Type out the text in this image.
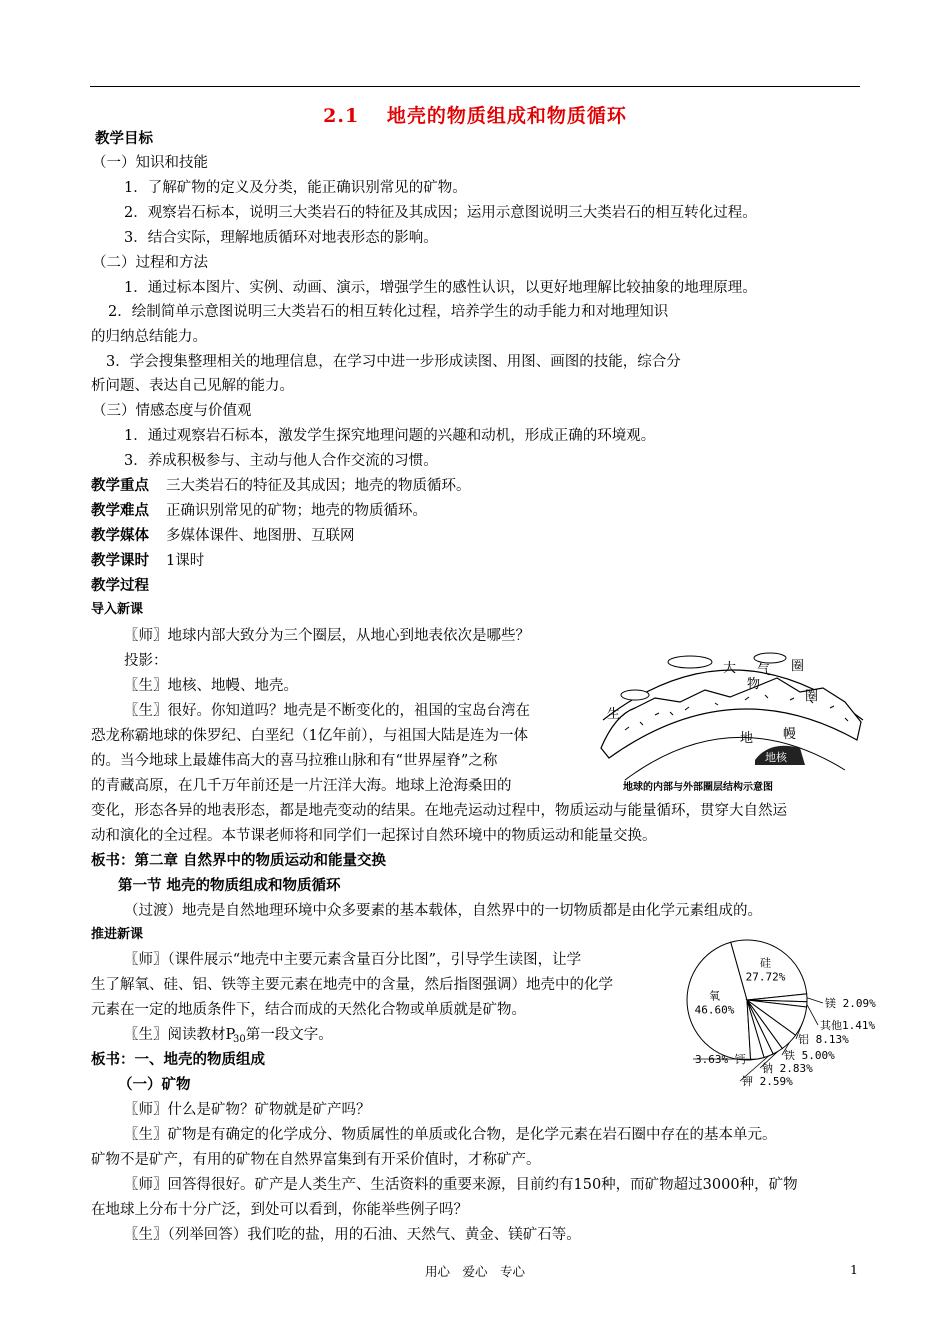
2.1　 地壳的物质组成和物质循环
教学目标
（一）知识和技能
1．了解矿物的定义及分类，能正确识别常见的矿物。
2．观察岩石标本，说明三大类岩石的特征及其成因；运用示意图说明三大类岩石的相互转化过程。
3．结合实际，理解地质循环对地表形态的影响。
（二）过程和方法
1．通过标本图片、实例、动画、演示，增强学生的感性认识，以更好地理解比较抽象的地理原理。
2．绘制简单示意图说明三大类岩石的相互转化过程，培养学生的动手能力和对地理知识
的归纳总结能力。
3．学会搜集整理相关的地理信息，在学习中进一步形成读图、用图、画图的技能，综合分
析问题、表达自己见解的能力。
（三）情感态度与价值观
1．通过观察岩石标本，激发学生探究地理问题的兴趣和动机，形成正确的环境观。
3．养成积极参与、主动与他人合作交流的习惯。
教学重点 三大类岩石的特征及其成因；地壳的物质循环。
教学难点 正确识别常见的矿物；地壳的物质循环。
教学媒体 多媒体课件、地图册、互联网
教学课时 1课时
教学过程
导入新课
〖师〗地球内部大致分为三个圈层，从地心到地表依次是哪些？
投影：
〖生〗地核、地幔、地壳。
〖生〗很好。你知道吗？地壳是不断变化的，祖国的宝岛台湾在
恐龙称霸地球的侏罗纪、白垩纪（1亿年前），与祖国大陆是连为一体
的。当今地球上最雄伟高大的喜马拉雅山脉和有“世界屋脊”之称
的青藏高原，在几千万年前还是一片汪洋大海。地球上沧海桑田的
变化，形态各异的地表形态，都是地壳变动的结果。在地壳运动过程中，物质运动与能量循环，贯穿大自然运
动和演化的全过程。本节课老师将和同学们一起探讨自然环境中的物质运动和能量交换。
板书：第二章 自然界中的物质运动和能量交换
第一节 地壳的物质组成和物质循环
（过渡）地壳是自然地理环境中众多要素的基本载体，自然界中的一切物质都是由化学元素组成的。
推进新课
〖师〗（课件展示“地壳中主要元素含量百分比图”，引导学生读图，让学
生了解氧、硅、铝、铁等主要元素在地壳中的含量，然后指图强调）地壳中的化学
元素在一定的地质条件下，结合而成的天然化合物或单质就是矿物。
〖生〗阅读教材P
板书：一、地壳的物质组成
（一）矿物
〖师〗什么是矿物？矿物就是矿产吗？
〖生〗矿物是有确定的化学成分、物质属性的单质或化合物，是化学元素在岩石圈中存在的基本单元。
矿物不是矿产，有用的矿物在自然界富集到有开采价值时，才称矿产。
〖师〗回答得很好。矿产是人类生产、生活资料的重要来源，目前约有150种，而矿物超过3000种，矿物
在地球上分布十分广泛，到处可以看到，你能举些例子吗？
〖生〗（列举回答）我们吃的盐，用的石油、天然气、黄金、镁矿石等。
$_{30}$第一段文字。
大 气 圈
生
物
圈
地 幔
地核
地球的内部与外部圈层结构示意图
氧 46.60%
硅 27.72%
镁 2.09%
其他1.41%
铝 8.13%
铁 5.00%
钠 2.83%
钾 2.59%
3.63% 钙
用心　爱心　专心	1
